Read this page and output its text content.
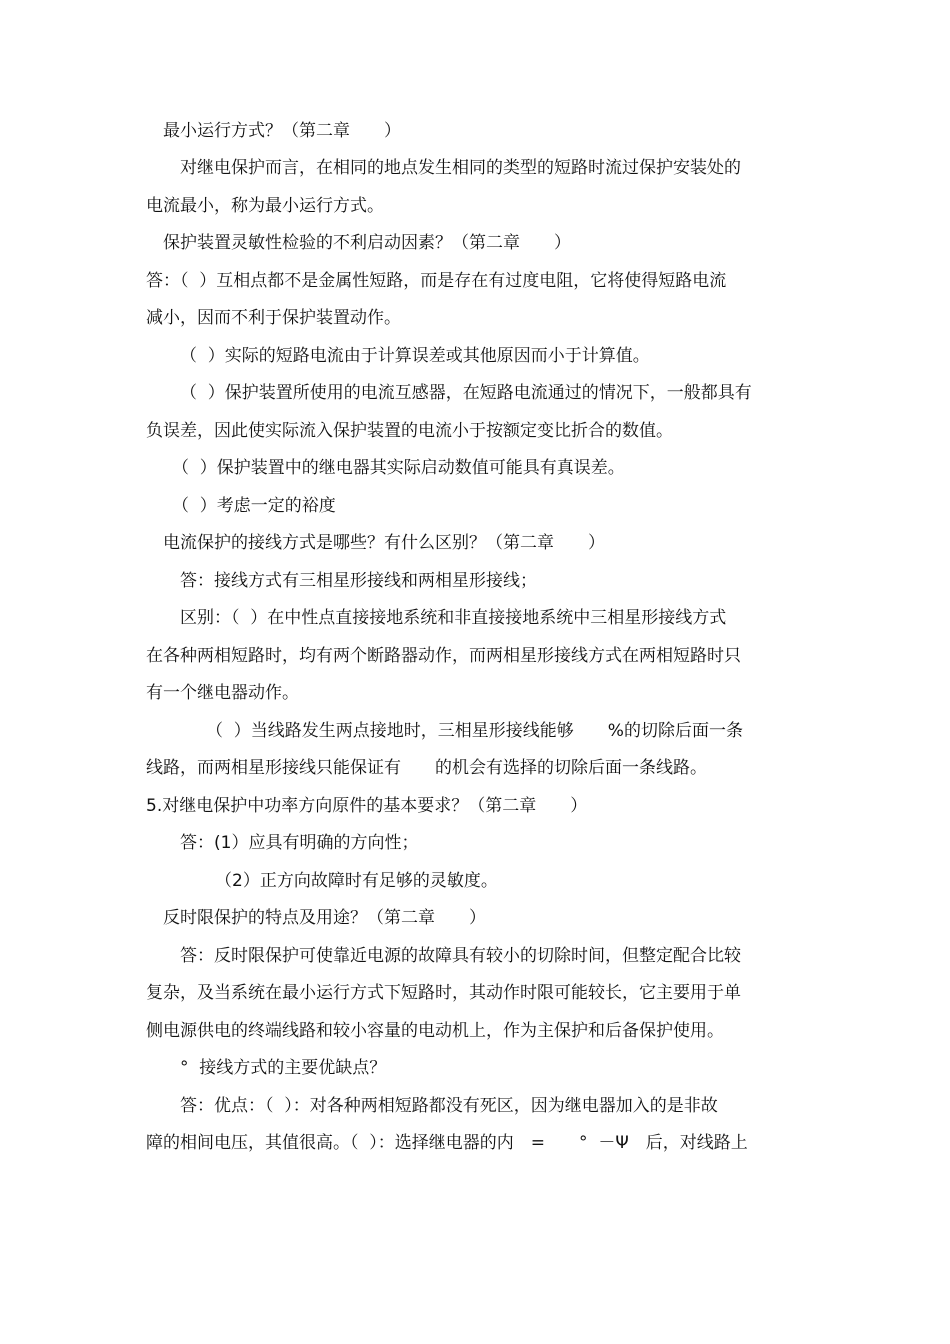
最小运行方式？（第二章　　）
对继电保护而言，在相同的地点发生相同的类型的短路时流过保护安装处的
电流最小，称为最小运行方式。
保护装置灵敏性检验的不利启动因素？（第二章　　）
答：（  ）互相点都不是金属性短路，而是存在有过度电阻，它将使得短路电流
减小，因而不利于保护装置动作。
（  ）实际的短路电流由于计算误差或其他原因而小于计算值。
（  ）保护装置所使用的电流互感器，在短路电流通过的情况下，一般都具有
负误差，因此使实际流入保护装置的电流小于按额定变比折合的数值。
（  ）保护装置中的继电器其实际启动数值可能具有真误差。
（  ）考虑一定的裕度
电流保护的接线方式是哪些？有什么区别？（第二章　　）
答：接线方式有三相星形接线和两相星形接线；
区别：（  ）在中性点直接接地系统和非直接接地系统中三相星形接线方式
在各种两相短路时，均有两个断路器动作，而两相星形接线方式在两相短路时只
有一个继电器动作。
（  ）当线路发生两点接地时，三相星形接线能够　　%的切除后面一条
线路，而两相星形接线只能保证有　　的机会有选择的切除后面一条线路。
5.对继电保护中功率方向原件的基本要求？（第二章　　）
答：(1）应具有明确的方向性；
（2）正方向故障时有足够的灵敏度。
反时限保护的特点及用途？（第二章　　）
答：反时限保护可使靠近电源的故障具有较小的切除时间，但整定配合比较
复杂，及当系统在最小运行方式下短路时，其动作时限可能较长，它主要用于单
侧电源供电的终端线路和较小容量的电动机上，作为主保护和后备保护使用。
°  接线方式的主要优缺点？
答：优点：（  ）：对各种两相短路都没有死区，因为继电器加入的是非故
障的相间电压，其值很高。（  ）：选择继电器的内　=　　°  －Ψ　后，对线路上
